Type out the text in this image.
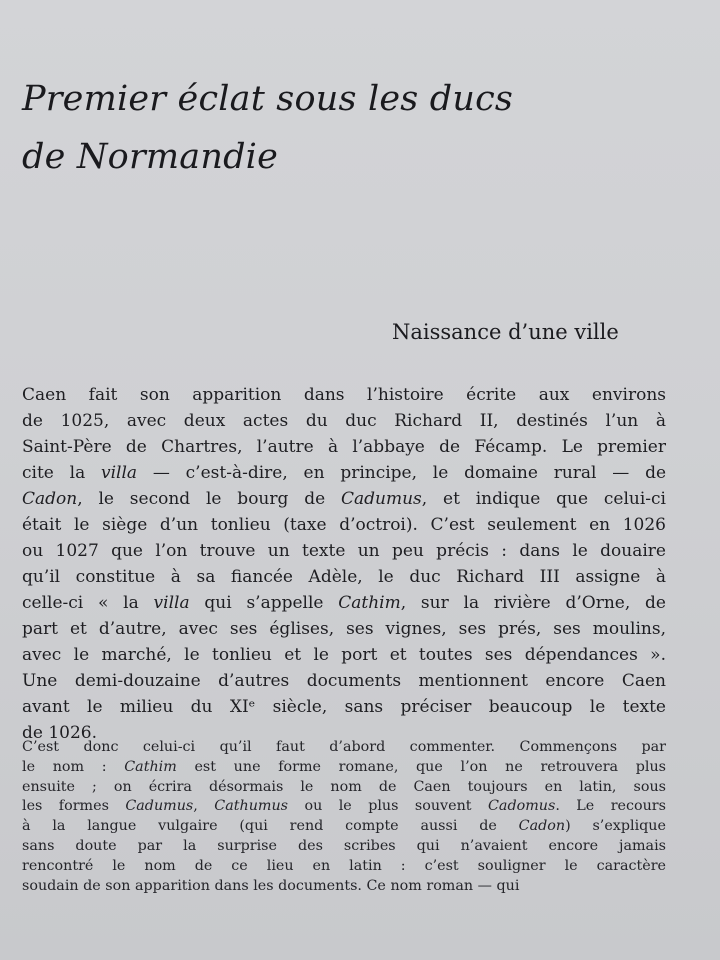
Premier éclat sous les ducs
de Normandie
Naissance d’une ville
Caen fait son apparition dans l’histoire écrite aux environs
de 1025, avec deux actes du duc Richard II, destinés l’un à
Saint-Père de Chartres, l’autre à l’abbaye de Fécamp. Le premier
cite la villa — c’est-à-dire, en principe, le domaine rural — de
Cadon, le second le bourg de Cadumus, et indique que celui-ci
était le siège d’un tonlieu (taxe d’octroi). C’est seulement en 1026
ou 1027 que l’on trouve un texte un peu précis : dans le douaire
qu’il constitue à sa fiancée Adèle, le duc Richard III assigne à
celle-ci « la villa qui s’appelle Cathim, sur la rivière d’Orne, de
part et d’autre, avec ses églises, ses vignes, ses prés, ses moulins,
avec le marché, le tonlieu et le port et toutes ses dépendances ».
Une demi-douzaine d’autres documents mentionnent encore Caen
avant le milieu du XIᵉ siècle, sans préciser beaucoup le texte
de 1026.
C’est donc celui-ci qu’il faut d’abord commenter. Commençons par
le nom : Cathim est une forme romane, que l’on ne retrouvera plus
ensuite ; on écrira désormais le nom de Caen toujours en latin, sous
les formes Cadumus, Cathumus ou le plus souvent Cadomus. Le recours
à la langue vulgaire (qui rend compte aussi de Cadon) s’explique
sans doute par la surprise des scribes qui n’avaient encore jamais
rencontré le nom de ce lieu en latin : c’est souligner le caractère
soudain de son apparition dans les documents. Ce nom roman — qui
